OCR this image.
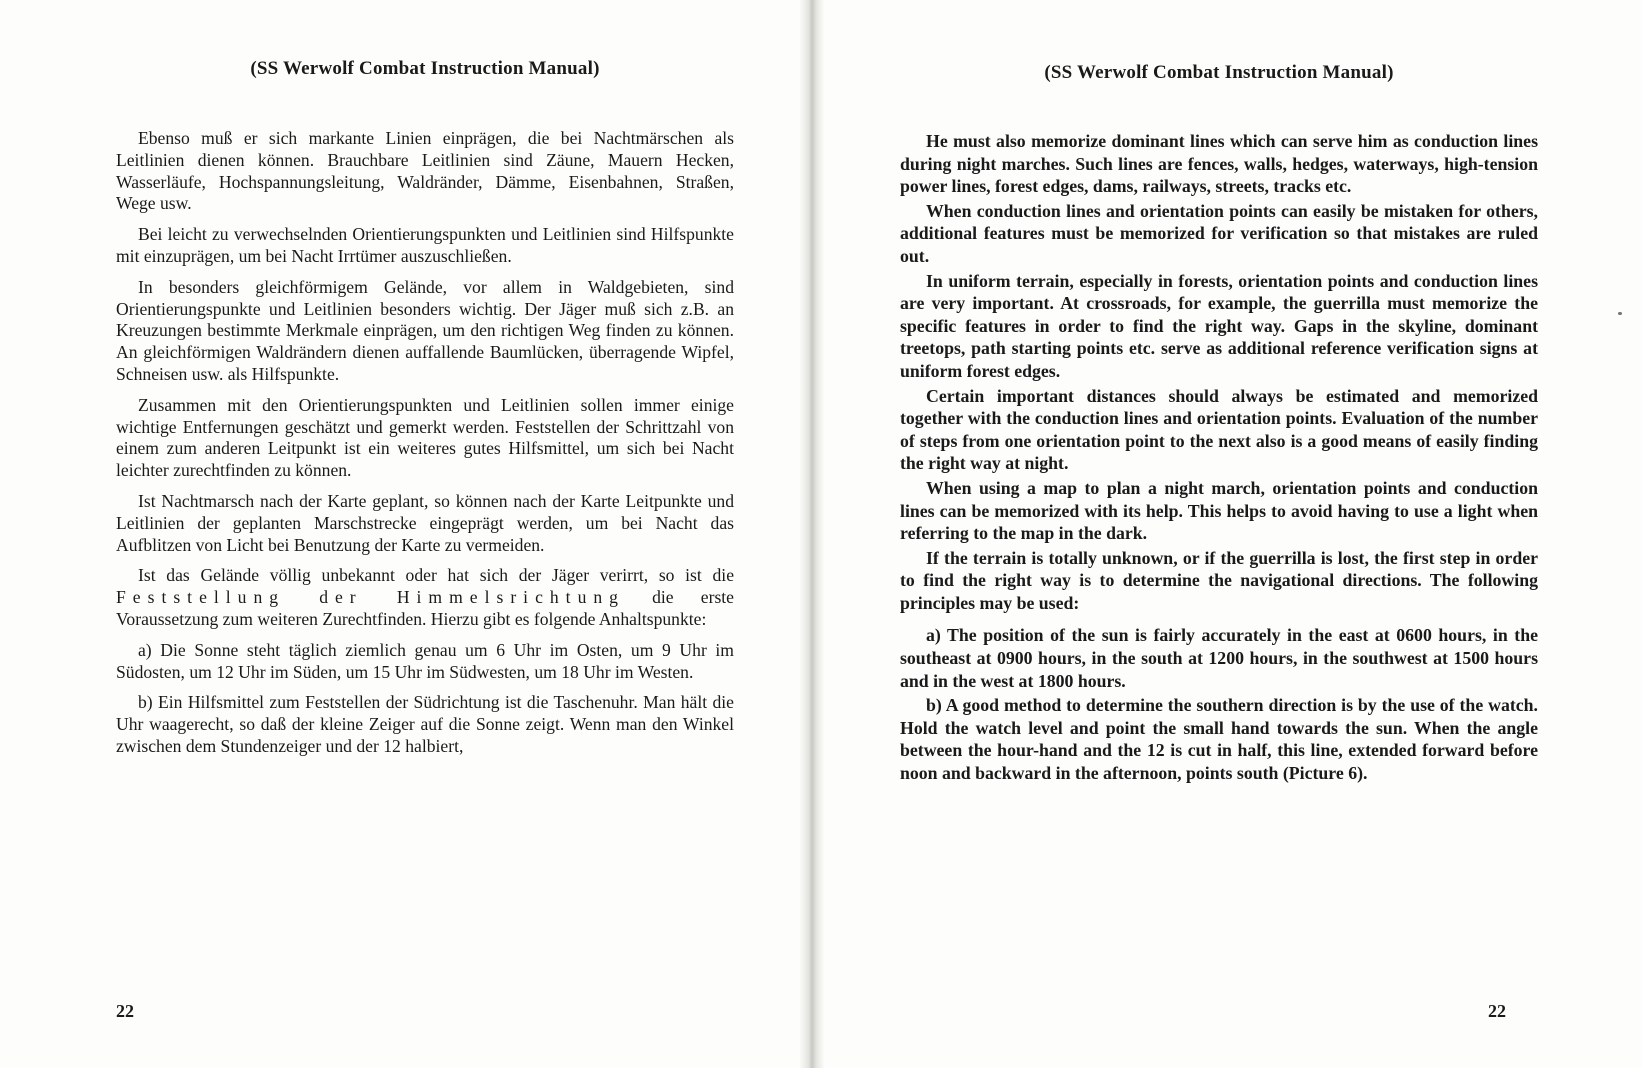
(SS Werwolf Combat Instruction Manual)

Ebenso muß er sich markante Linien einprägen, die bei Nachtmärschen als Leitlinien dienen können. Brauchbare Leitlinien sind Zäune, Mauern Hecken, Wasserläufe, Hochspannungsleitung, Waldränder, Dämme, Eisenbahnen, Straßen, Wege usw.

Bei leicht zu verwechselnden Orientierungspunkten und Leitlinien sind Hilfspunkte mit einzuprägen, um bei Nacht Irrtümer auszuschließen.

In besonders gleichförmigem Gelände, vor allem in Waldgebieten, sind Orientierungspunkte und Leitlinien besonders wichtig. Der Jäger muß sich z.B. an Kreuzungen bestimmte Merkmale einprägen, um den richtigen Weg finden zu können. An gleichförmigen Waldrändern dienen auffallende Baumlücken, überragende Wipfel, Schneisen usw. als Hilfspunkte.

Zusammen mit den Orientierungspunkten und Leitlinien sollen immer einige wichtige Entfernungen geschätzt und gemerkt werden. Feststellen der Schrittzahl von einem zum anderen Leitpunkt ist ein weiteres gutes Hilfsmittel, um sich bei Nacht leichter zurechtfinden zu können.

Ist Nachtmarsch nach der Karte geplant, so können nach der Karte Leitpunkte und Leitlinien der geplanten Marschstrecke eingeprägt werden, um bei Nacht das Aufblitzen von Licht bei Benutzung der Karte zu vermeiden.

Ist das Gelände völlig unbekannt oder hat sich der Jäger verirrt, so ist die Feststellung der Himmelsrichtung die erste Voraussetzung zum weiteren Zurechtfinden. Hierzu gibt es folgende Anhaltspunkte:

a) Die Sonne steht täglich ziemlich genau um 6 Uhr im Osten, um 9 Uhr im Südosten, um 12 Uhr im Süden, um 15 Uhr im Südwesten, um 18 Uhr im Westen.

b) Ein Hilfsmittel zum Feststellen der Südrichtung ist die Taschenuhr. Man hält die Uhr waagerecht, so daß der kleine Zeiger auf die Sonne zeigt. Wenn man den Winkel zwischen dem Stundenzeiger und der 12 halbiert,

22
(SS Werwolf Combat Instruction Manual)

He must also memorize dominant lines which can serve him as conduction lines during night marches. Such lines are fences, walls, hedges, waterways, high-tension power lines, forest edges, dams, railways, streets, tracks etc.

When conduction lines and orientation points can easily be mistaken for others, additional features must be memorized for verification so that mistakes are ruled out.

In uniform terrain, especially in forests, orientation points and conduction lines are very important. At crossroads, for example, the guerrilla must memorize the specific features in order to find the right way. Gaps in the skyline, dominant treetops, path starting points etc. serve as additional reference verification signs at uniform forest edges.

Certain important distances should always be estimated and memorized together with the conduction lines and orientation points. Evaluation of the number of steps from one orientation point to the next also is a good means of easily finding the right way at night.

When using a map to plan a night march, orientation points and conduction lines can be memorized with its help. This helps to avoid having to use a light when referring to the map in the dark.

If the terrain is totally unknown, or if the guerrilla is lost, the first step in order to find the right way is to determine the navigational directions. The following principles may be used:

a) The position of the sun is fairly accurately in the east at 0600 hours, in the southeast at 0900 hours, in the south at 1200 hours, in the southwest at 1500 hours and in the west at 1800 hours.

b) A good method to determine the southern direction is by the use of the watch. Hold the watch level and point the small hand towards the sun. When the angle between the hour-hand and the 12 is cut in half, this line, extended forward before noon and backward in the afternoon, points south (Picture 6).

22
